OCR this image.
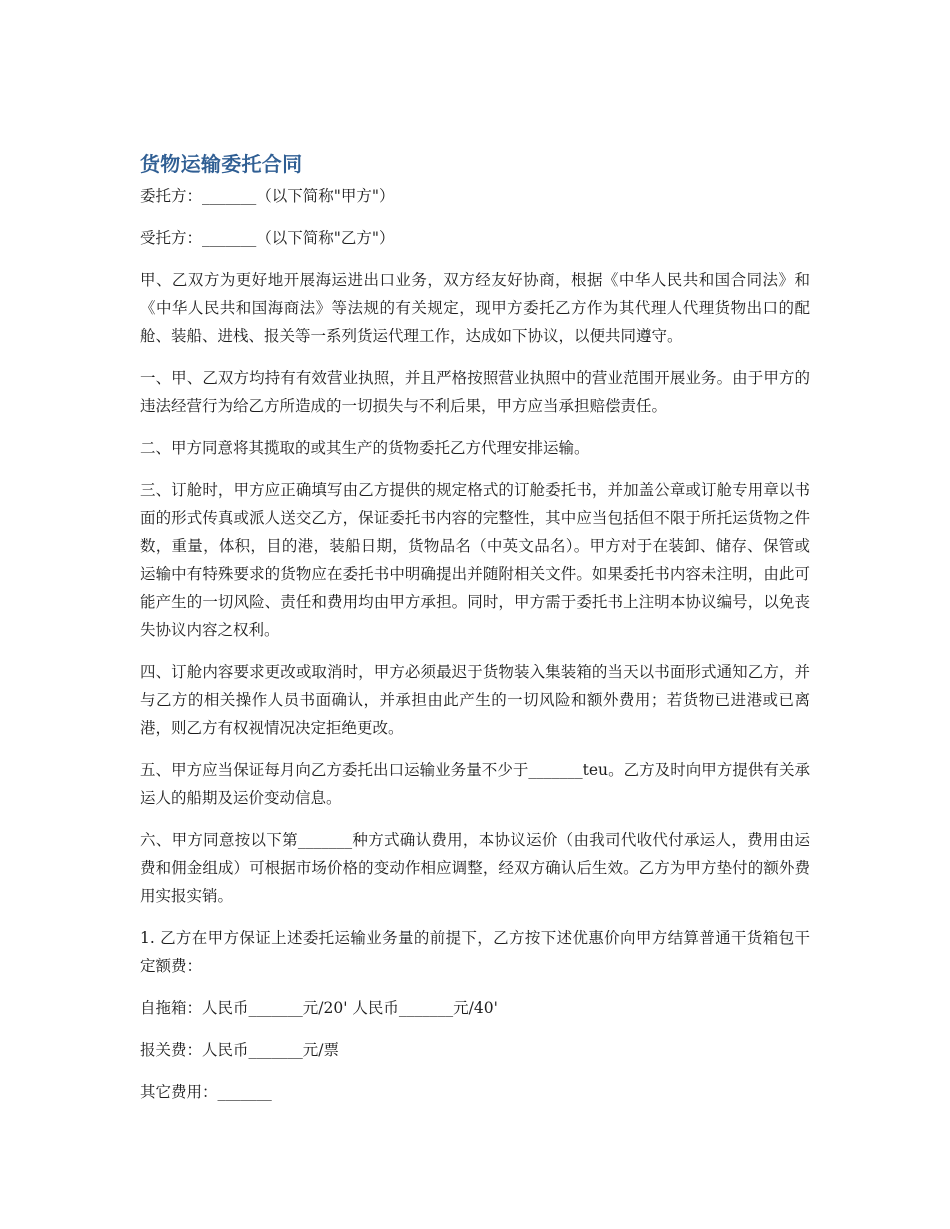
货物运输委托合同

委托方：_______（以下简称"甲方"）

受托方：_______（以下简称"乙方"）

甲、乙双方为更好地开展海运进出口业务，双方经友好协商，根据《中华人民共和国合同法》和《中华人民共和国海商法》等法规的有关规定，现甲方委托乙方作为其代理人代理货物出口的配舱、装船、进栈、报关等一系列货运代理工作，达成如下协议，以便共同遵守。

一、甲、乙双方均持有有效营业执照，并且严格按照营业执照中的营业范围开展业务。由于甲方的违法经营行为给乙方所造成的一切损失与不利后果，甲方应当承担赔偿责任。

二、甲方同意将其揽取的或其生产的货物委托乙方代理安排运输。

三、订舱时，甲方应正确填写由乙方提供的规定格式的订舱委托书，并加盖公章或订舱专用章以书面的形式传真或派人送交乙方，保证委托书内容的完整性，其中应当包括但不限于所托运货物之件数，重量，体积，目的港，装船日期，货物品名（中英文品名）。甲方对于在装卸、储存、保管或运输中有特殊要求的货物应在委托书中明确提出并随附相关文件。如果委托书内容未注明，由此可能产生的一切风险、责任和费用均由甲方承担。同时，甲方需于委托书上注明本协议编号，以免丧失协议内容之权利。

四、订舱内容要求更改或取消时，甲方必须最迟于货物装入集装箱的当天以书面形式通知乙方，并与乙方的相关操作人员书面确认，并承担由此产生的一切风险和额外费用；若货物已进港或已离港，则乙方有权视情况决定拒绝更改。

五、甲方应当保证每月向乙方委托出口运输业务量不少于_______teu。乙方及时向甲方提供有关承运人的船期及运价变动信息。

六、甲方同意按以下第_______种方式确认费用，本协议运价（由我司代收代付承运人，费用由运费和佣金组成）可根据市场价格的变动作相应调整，经双方确认后生效。乙方为甲方垫付的额外费用实报实销。

1. 乙方在甲方保证上述委托运输业务量的前提下，乙方按下述优惠价向甲方结算普通干货箱包干定额费：

自拖箱：人民币_______元/20' 人民币_______元/40'

报关费：人民币_______元/票

其它费用：_______
